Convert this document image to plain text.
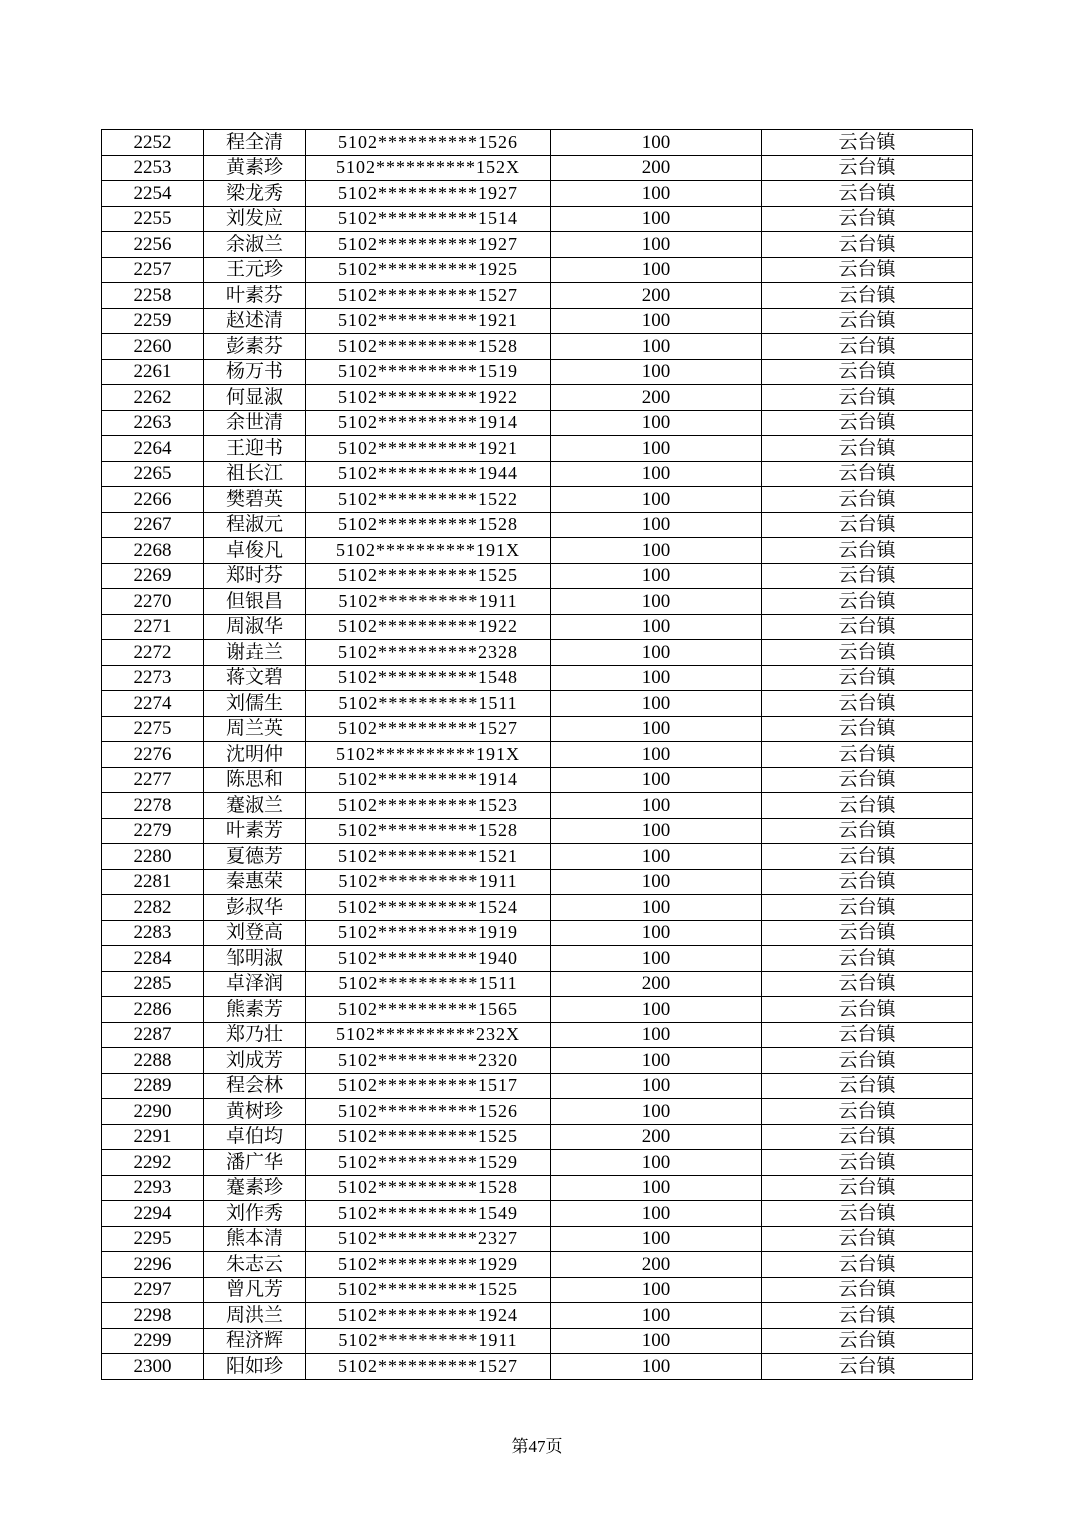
2252	程全清	5102**********1526	100	云台镇
2253	黄素珍	5102**********152X	200	云台镇
2254	梁龙秀	5102**********1927	100	云台镇
2255	刘发应	5102**********1514	100	云台镇
2256	余淑兰	5102**********1927	100	云台镇
2257	王元珍	5102**********1925	100	云台镇
2258	叶素芬	5102**********1527	200	云台镇
2259	赵述清	5102**********1921	100	云台镇
2260	彭素芬	5102**********1528	100	云台镇
2261	杨万书	5102**********1519	100	云台镇
2262	何显淑	5102**********1922	200	云台镇
2263	余世清	5102**********1914	100	云台镇
2264	王迎书	5102**********1921	100	云台镇
2265	祖长江	5102**********1944	100	云台镇
2266	樊碧英	5102**********1522	100	云台镇
2267	程淑元	5102**********1528	100	云台镇
2268	卓俊凡	5102**********191X	100	云台镇
2269	郑时芬	5102**********1525	100	云台镇
2270	但银昌	5102**********1911	100	云台镇
2271	周淑华	5102**********1922	100	云台镇
2272	谢垚兰	5102**********2328	100	云台镇
2273	蒋文碧	5102**********1548	100	云台镇
2274	刘儒生	5102**********1511	100	云台镇
2275	周兰英	5102**********1527	100	云台镇
2276	沈明仲	5102**********191X	100	云台镇
2277	陈思和	5102**********1914	100	云台镇
2278	蹇淑兰	5102**********1523	100	云台镇
2279	叶素芳	5102**********1528	100	云台镇
2280	夏德芳	5102**********1521	100	云台镇
2281	秦惠荣	5102**********1911	100	云台镇
2282	彭叔华	5102**********1524	100	云台镇
2283	刘登高	5102**********1919	100	云台镇
2284	邹明淑	5102**********1940	100	云台镇
2285	卓泽润	5102**********1511	200	云台镇
2286	熊素芳	5102**********1565	100	云台镇
2287	郑乃壮	5102**********232X	100	云台镇
2288	刘成芳	5102**********2320	100	云台镇
2289	程会林	5102**********1517	100	云台镇
2290	黄树珍	5102**********1526	100	云台镇
2291	卓伯均	5102**********1525	200	云台镇
2292	潘广华	5102**********1529	100	云台镇
2293	蹇素珍	5102**********1528	100	云台镇
2294	刘作秀	5102**********1549	100	云台镇
2295	熊本清	5102**********2327	100	云台镇
2296	朱志云	5102**********1929	200	云台镇
2297	曾凡芳	5102**********1525	100	云台镇
2298	周洪兰	5102**********1924	100	云台镇
2299	程济辉	5102**********1911	100	云台镇
2300	阳如珍	5102**********1527	100	云台镇
第47页
